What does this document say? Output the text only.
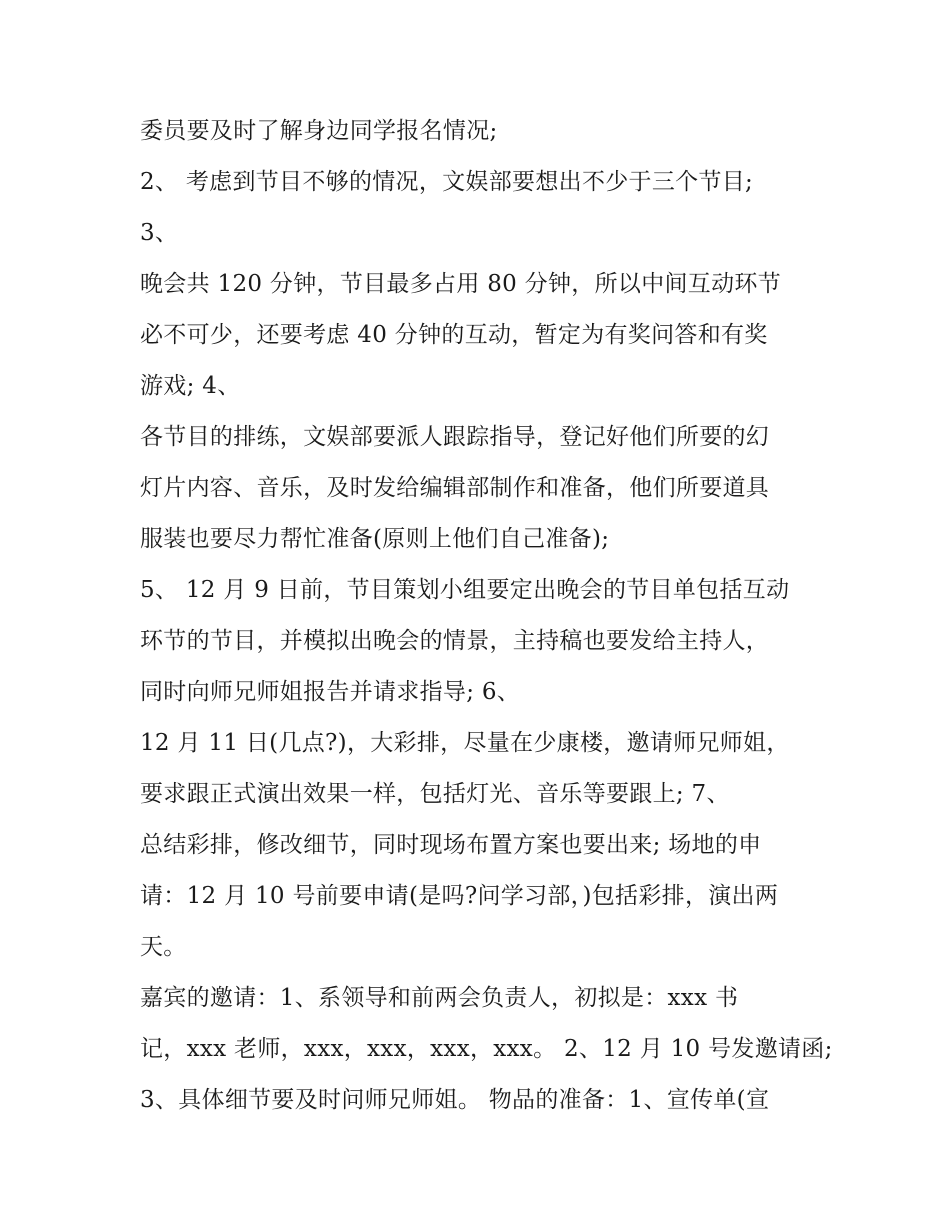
委员要及时了解身边同学报名情况;
2、 考虑到节目不够的情况，文娱部要想出不少于三个节目;
3、
晚会共 120 分钟，节目最多占用 80 分钟，所以中间互动环节
必不可少，还要考虑 40 分钟的互动，暂定为有奖问答和有奖
游戏; 4、
各节目的排练，文娱部要派人跟踪指导，登记好他们所要的幻
灯片内容、音乐，及时发给编辑部制作和准备，他们所要道具
服装也要尽力帮忙准备(原则上他们自己准备);
5、 12 月 9 日前，节目策划小组要定出晚会的节目单包括互动
环节的节目，并模拟出晚会的情景，主持稿也要发给主持人，
同时向师兄师姐报告并请求指导; 6、
12 月 11 日(几点?)，大彩排，尽量在少康楼，邀请师兄师姐，
要求跟正式演出效果一样，包括灯光、音乐等要跟上; 7、
总结彩排，修改细节，同时现场布置方案也要出来; 场地的申
请：12 月 10 号前要申请(是吗?问学习部，)包括彩排，演出两
天。
嘉宾的邀请：1、系领导和前两会负责人，初拟是：xxx 书
记，xxx 老师，xxx，xxx，xxx，xxx。 2、12 月 10 号发邀请函;
3、具体细节要及时问师兄师姐。 物品的准备：1、宣传单(宣
